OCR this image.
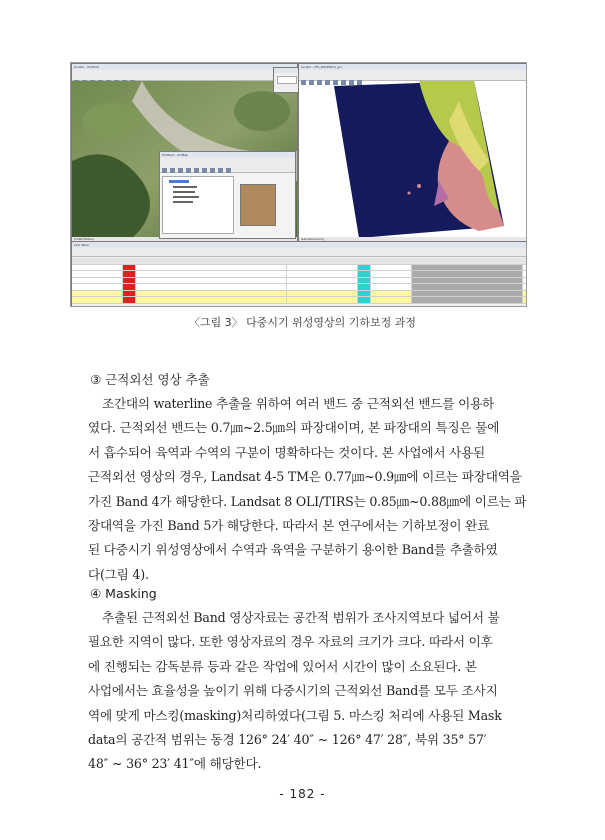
ArcGIS - Untitled
0.000 Meters
ArcGIS - LT5_20040610_gcc
Georeferencing
Untitled - ArcMap
Link Table
〈그림 3〉 다중시기 위성영상의 기하보정 과정
③ 근적외선 영상 추출

조간대의 waterline 추출을 위하여 여러 밴드 중 근적외선 밴드를 이용하
였다. 근적외선 밴드는 0.7㎛~2.5㎛의 파장대이며, 본 파장대의 특징은 물에
서 흡수되어 육역과 수역의 구분이 명확하다는 것이다. 본 사업에서 사용된
근적외선 영상의 경우, Landsat 4-5 TM은 0.77㎛~0.9㎛에 이르는 파장대역을
가진 Band 4가 해당한다. Landsat 8 OLI/TIRS는 0.85㎛~0.88㎛에 이르는 파
장대역을 가진 Band 5가 해당한다. 따라서 본 연구에서는 기하보정이 완료
된 다중시기 위성영상에서 수역과 육역을 구분하기 용이한 Band를 추출하였
다(그림 4).

④ Masking

추출된 근적외선 Band 영상자료는 공간적 범위가 조사지역보다 넓어서 불
필요한 지역이 많다. 또한 영상자료의 경우 자료의 크기가 크다. 따라서 이후
에 진행되는 감독분류 등과 같은 작업에 있어서 시간이 많이 소요된다. 본
사업에서는 효율성을 높이기 위해 다중시기의 근적외선 Band를 모두 조사지
역에 맞게 마스킹(masking)처리하였다(그림 5. 마스킹 처리에 사용된 Mask
data의 공간적 범위는 동경 126° 24′ 40″ ~ 126° 47′ 28″, 북위 35° 57′
48″ ~ 36° 23′ 41″에 해당한다.

- 182 -
